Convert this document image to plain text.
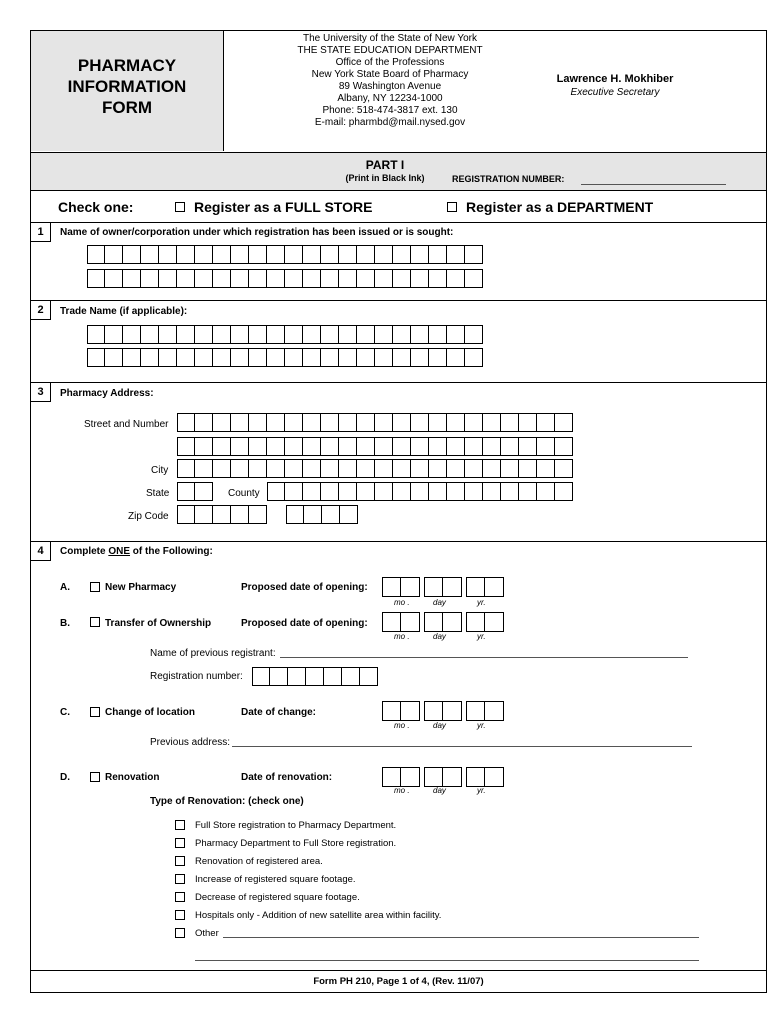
PHARMACY
INFORMATION
FORM
The University of the State of New York
THE STATE EDUCATION DEPARTMENT
Office of the Professions
New York State Board of Pharmacy
89 Washington Avenue
Albany, NY 12234-1000
Phone: 518-474-3817 ext. 130
E-mail: pharmbd@mail.nysed.gov
Lawrence H. Mokhiber
Executive Secretary
PART I
(Print in Black Ink)	REGISTRATION NUMBER:
Check one:	Register as a FULL STORE	Register as a DEPARTMENT
1	Name of owner/corporation under which registration has been issued or is sought:
2	Trade Name (if applicable):
3	Pharmacy Address:
Street and Number
City
State	County
Zip Code
4	Complete ONE of the Following:
A.	New Pharmacy	Proposed date of opening:
mo .	day	yr.
B.	Transfer of Ownership	Proposed date of opening:
mo .	day	yr.
Name of previous registrant:
Registration number:
C.	Change of location	Date of change:
mo .	day	yr.
Previous address:
D.	Renovation	Date of renovation:
mo .	day	yr.
Type of Renovation: (check one)
Full Store registration to Pharmacy Department.
Pharmacy Department to Full Store registration.
Renovation of registered area.
Increase of registered square footage.
Decrease of registered square footage.
Hospitals only - Addition of new satellite area within facility.
Other
Form PH 210, Page 1 of 4, (Rev. 11/07)
